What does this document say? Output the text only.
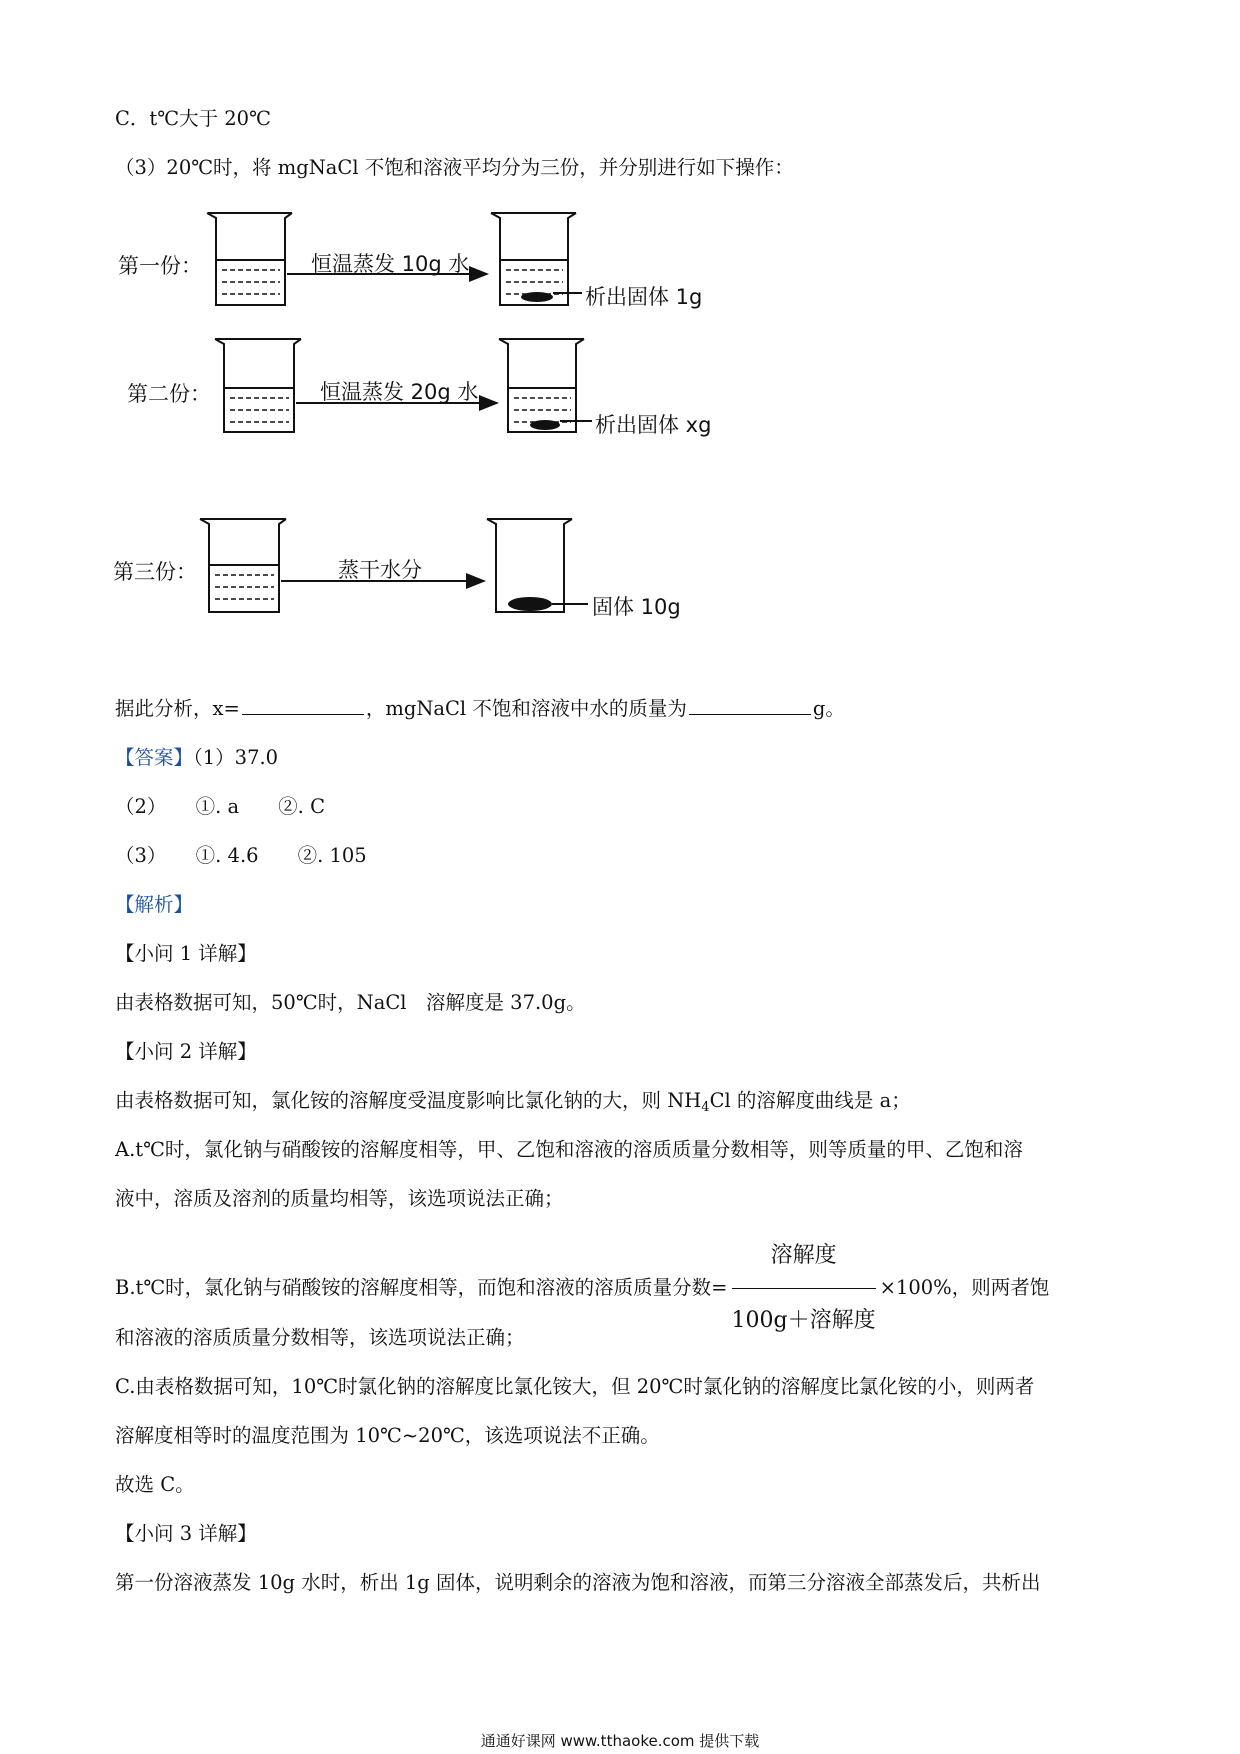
C．t℃大于 20℃
（3）20℃时，将 mgNaCl 不饱和溶液平均分为三份，并分别进行如下操作：
第一份：	恒温蒸发 10g 水
析出固体 1g
第二份：	恒温蒸发 20g 水
析出固体 xg
第三份：	蒸干水分
固体 10g
据此分析，x=	，mgNaCl 不饱和溶液中水的质量为	g。
【答案】（1）37.0
（2）　　①. a　　②. C
（3）　　①. 4.6　　②. 105
【解析】
【小问 1 详解】
由表格数据可知，50℃时，NaCl　溶解度是 37.0g。
【小问 2 详解】
由表格数据可知，氯化铵的溶解度受温度影响比氯化钠的大，则 $NH_4Cl$ 的溶解度曲线是 a；
A.t℃时，氯化钠与硝酸铵的溶解度相等，甲、乙饱和溶液的溶质质量分数相等，则等质量的甲、乙饱和溶
液中，溶质及溶剂的质量均相等，该选项说法正确；
B.t℃时，氯化钠与硝酸铵的溶解度相等，而饱和溶液的溶质质量分数= $\frac{\text{溶解度}}{\text{100g＋溶解度}} \times 100\%$，则两者饱
和溶液的溶质质量分数相等，该选项说法正确；
C.由表格数据可知，10℃时氯化钠的溶解度比氯化铵大，但 20℃时氯化钠的溶解度比氯化铵的小，则两者
溶解度相等时的温度范围为 10℃~20℃，该选项说法不正确。
故选 C。
【小问 3 详解】
第一份溶液蒸发 10g 水时，析出 1g 固体，说明剩余的溶液为饱和溶液，而第三分溶液全部蒸发后，共析出
通通好课网 www.tthaoke.com 提供下载
